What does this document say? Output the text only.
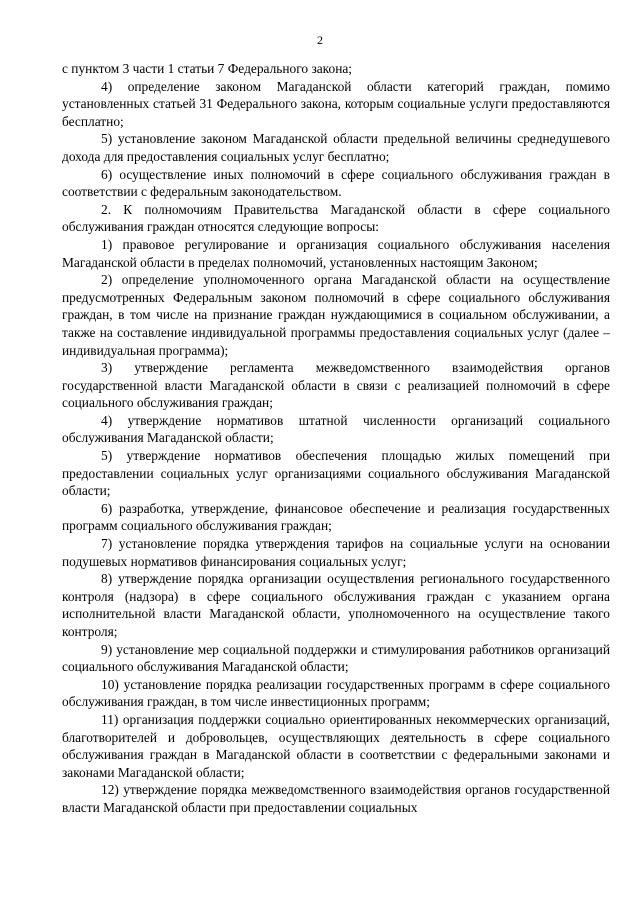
2

с пунктом 3 части 1 статьи 7 Федерального закона;

4) определение законом Магаданской области категорий граждан, помимо установленных статьей 31 Федерального закона, которым социальные услуги предоставляются бесплатно;

5) установление законом Магаданской области предельной величины среднедушевого дохода для предоставления социальных услуг бесплатно;

6) осуществление иных полномочий в сфере социального обслуживания граждан в соответствии с федеральным законодательством.

2. К полномочиям Правительства Магаданской области в сфере социального обслуживания граждан относятся следующие вопросы:

1) правовое регулирование и организация социального обслуживания населения Магаданской области в пределах полномочий, установленных настоящим Законом;

2) определение уполномоченного органа Магаданской области на осуществление предусмотренных Федеральным законом полномочий в сфере социального обслуживания граждан, в том числе на признание граждан нуждающимися в социальном обслуживании, а также на составление индивидуальной программы предоставления социальных услуг (далее – индивидуальная программа);

3) утверждение регламента межведомственного взаимодействия органов государственной власти Магаданской области в связи с реализацией полномочий в сфере социального обслуживания граждан;

4) утверждение нормативов штатной численности организаций социального обслуживания Магаданской области;

5) утверждение нормативов обеспечения площадью жилых помещений при предоставлении социальных услуг организациями социального обслуживания Магаданской области;

6) разработка, утверждение, финансовое обеспечение и реализация государственных программ социального обслуживания граждан;

7) установление порядка утверждения тарифов на социальные услуги на основании подушевых нормативов финансирования социальных услуг;

8) утверждение порядка организации осуществления регионального государственного контроля (надзора) в сфере социального обслуживания граждан с указанием органа исполнительной власти Магаданской области, уполномоченного на осуществление такого контроля;

9) установление мер социальной поддержки и стимулирования работников организаций социального обслуживания Магаданской области;

10) установление порядка реализации государственных программ в сфере социального обслуживания граждан, в том числе инвестиционных программ;

11) организация поддержки социально ориентированных некоммерческих организаций, благотворителей и добровольцев, осуществляющих деятельность в сфере социального обслуживания граждан в Магаданской области в соответствии с федеральными законами и законами Магаданской области;

12) утверждение порядка межведомственного взаимодействия органов государственной власти Магаданской области при предоставлении социальных
